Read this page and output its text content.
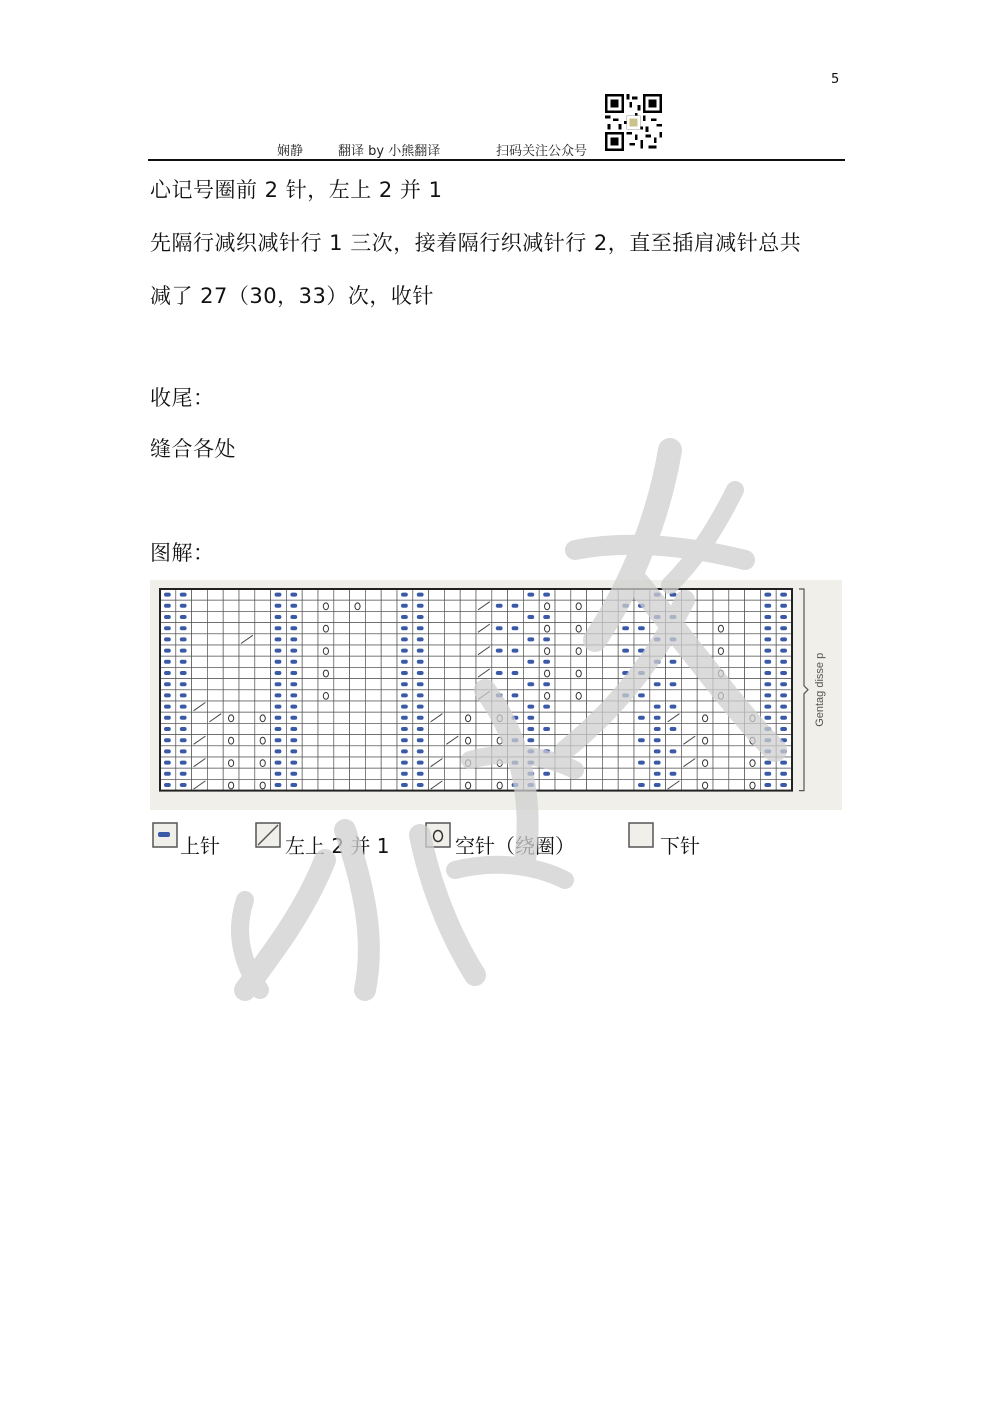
5
娴静	翻译 by 小熊翻译	扫码关注公众号
心记号圈前 2 针，左上 2 并 1
先隔行减织减针行 1 三次，接着隔行织减针行 2，直至插肩减针总共
减了 27（30，33）次，收针
收尾：
缝合各处
图解：
Gentag disse p
上针	左上 2 并 1	空针（绕圈）	下针
